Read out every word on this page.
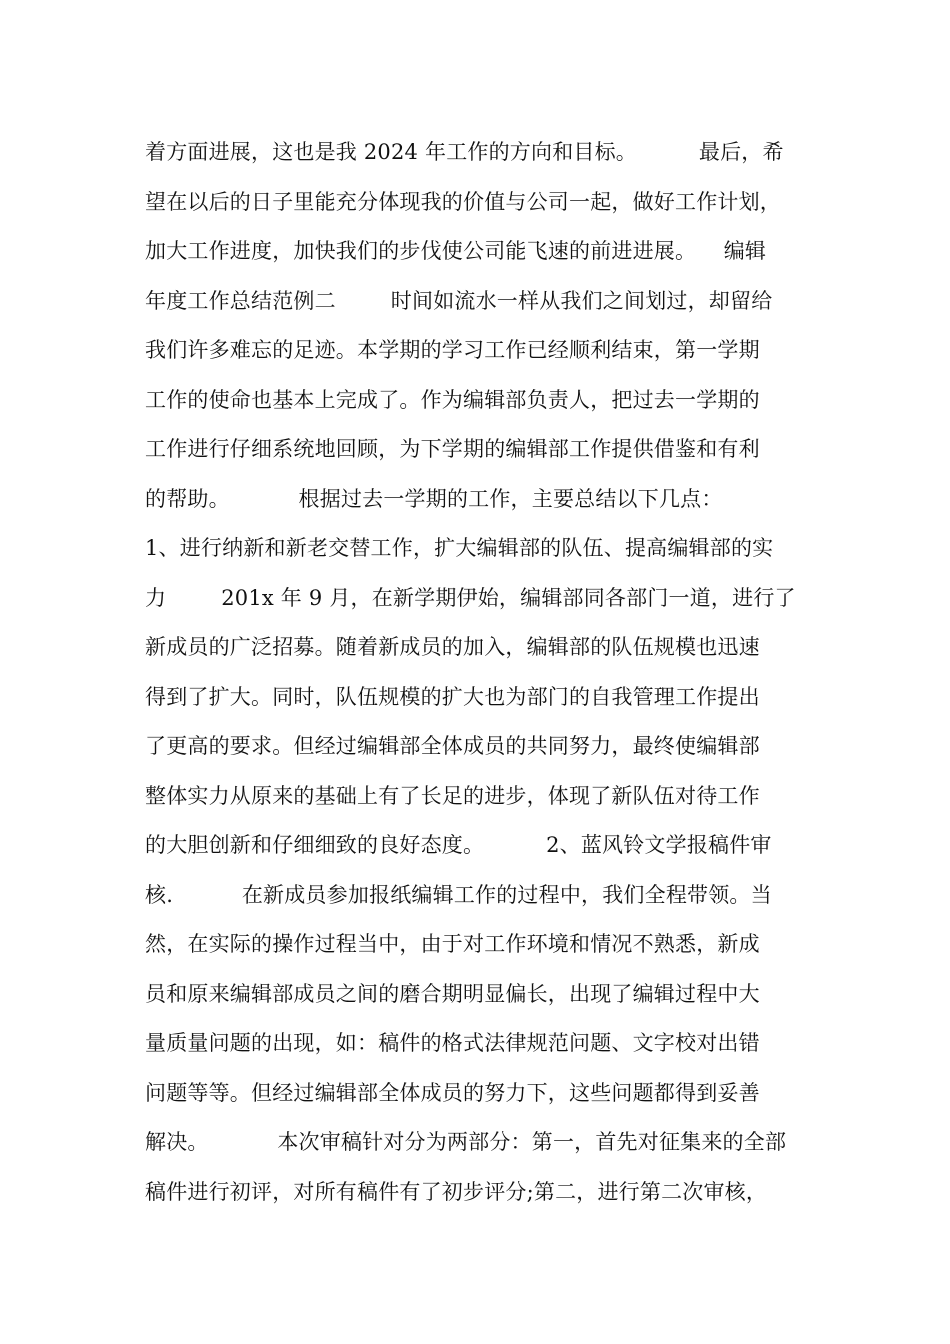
着方面进展，这也是我 2024 年工作的方向和目标。         最后，希
望在以后的日子里能充分体现我的价值与公司一起，做好工作计划，
加大工作进度，加快我们的步伐使公司能飞速的前进进展。    编辑
年度工作总结范例二        时间如流水一样从我们之间划过，却留给
我们许多难忘的足迹。本学期的学习工作已经顺利结束，第一学期
工作的使命也基本上完成了。作为编辑部负责人，把过去一学期的
工作进行仔细系统地回顾，为下学期的编辑部工作提供借鉴和有利
的帮助。          根据过去一学期的工作，主要总结以下几点：
1、进行纳新和新老交替工作，扩大编辑部的队伍、提高编辑部的实
力        201x 年 9 月，在新学期伊始，编辑部同各部门一道，进行了
新成员的广泛招募。随着新成员的加入，编辑部的队伍规模也迅速
得到了扩大。同时，队伍规模的扩大也为部门的自我管理工作提出
了更高的要求。但经过编辑部全体成员的共同努力，最终使编辑部
整体实力从原来的基础上有了长足的进步，体现了新队伍对待工作
的大胆创新和仔细细致的良好态度。         2、蓝风铃文学报稿件审
核.          在新成员参加报纸编辑工作的过程中，我们全程带领。当
然，在实际的操作过程当中，由于对工作环境和情况不熟悉，新成
员和原来编辑部成员之间的磨合期明显偏长，出现了编辑过程中大
量质量问题的出现，如：稿件的格式法律规范问题、文字校对出错
问题等等。但经过编辑部全体成员的努力下，这些问题都得到妥善
解决。          本次审稿针对分为两部分：第一，首先对征集来的全部
稿件进行初评，对所有稿件有了初步评分;第二，进行第二次审核，
